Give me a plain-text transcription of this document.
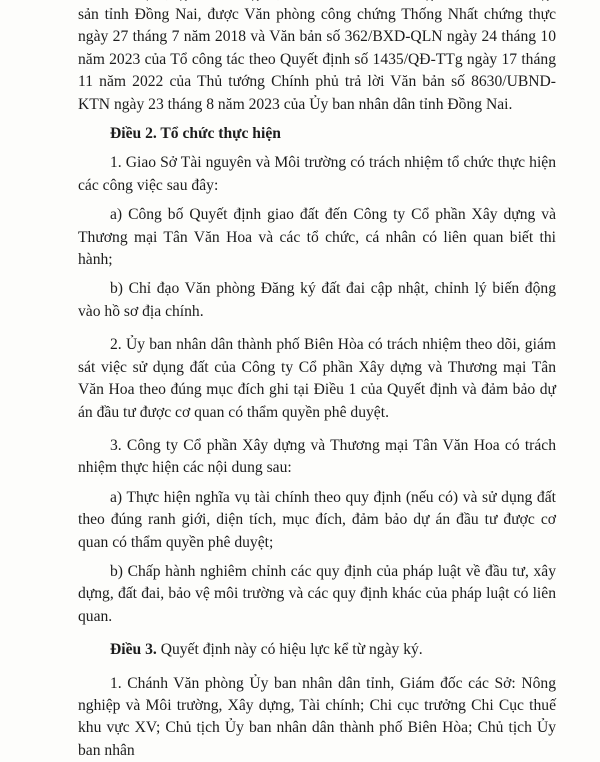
sản tỉnh Đồng Nai, được Văn phòng công chứng Thống Nhất chứng thực ngày 27 tháng 7 năm 2018 và Văn bản số 362/BXD-QLN ngày 24 tháng 10 năm 2023 của Tổ công tác theo Quyết định số 1435/QĐ-TTg ngày 17 tháng 11 năm 2022 của Thủ tướng Chính phủ trả lời Văn bản số 8630/UBND-KTN ngày 23 tháng 8 năm 2023 của Ủy ban nhân dân tỉnh Đồng Nai.

Điều 2. Tổ chức thực hiện

1. Giao Sở Tài nguyên và Môi trường có trách nhiệm tổ chức thực hiện các công việc sau đây:

a) Công bố Quyết định giao đất đến Công ty Cổ phần Xây dựng và Thương mại Tân Văn Hoa và các tổ chức, cá nhân có liên quan biết thi hành;

b) Chỉ đạo Văn phòng Đăng ký đất đai cập nhật, chỉnh lý biến động vào hồ sơ địa chính.

2. Ủy ban nhân dân thành phố Biên Hòa có trách nhiệm theo dõi, giám sát việc sử dụng đất của Công ty Cổ phần Xây dựng và Thương mại Tân Văn Hoa theo đúng mục đích ghi tại Điều 1 của Quyết định và đảm bảo dự án đầu tư được cơ quan có thẩm quyền phê duyệt.

3. Công ty Cổ phần Xây dựng và Thương mại Tân Văn Hoa có trách nhiệm thực hiện các nội dung sau:

a) Thực hiện nghĩa vụ tài chính theo quy định (nếu có) và sử dụng đất theo đúng ranh giới, diện tích, mục đích, đảm bảo dự án đầu tư được cơ quan có thẩm quyền phê duyệt;

b) Chấp hành nghiêm chỉnh các quy định của pháp luật về đầu tư, xây dựng, đất đai, bảo vệ môi trường và các quy định khác của pháp luật có liên quan.

Điều 3. Quyết định này có hiệu lực kể từ ngày ký.

1. Chánh Văn phòng Ủy ban nhân dân tỉnh, Giám đốc các Sở: Nông nghiệp và Môi trường, Xây dựng, Tài chính; Chi cục trưởng Chi Cục thuế khu vực XV; Chủ tịch Ủy ban nhân dân thành phố Biên Hòa; Chủ tịch Ủy ban nhân
